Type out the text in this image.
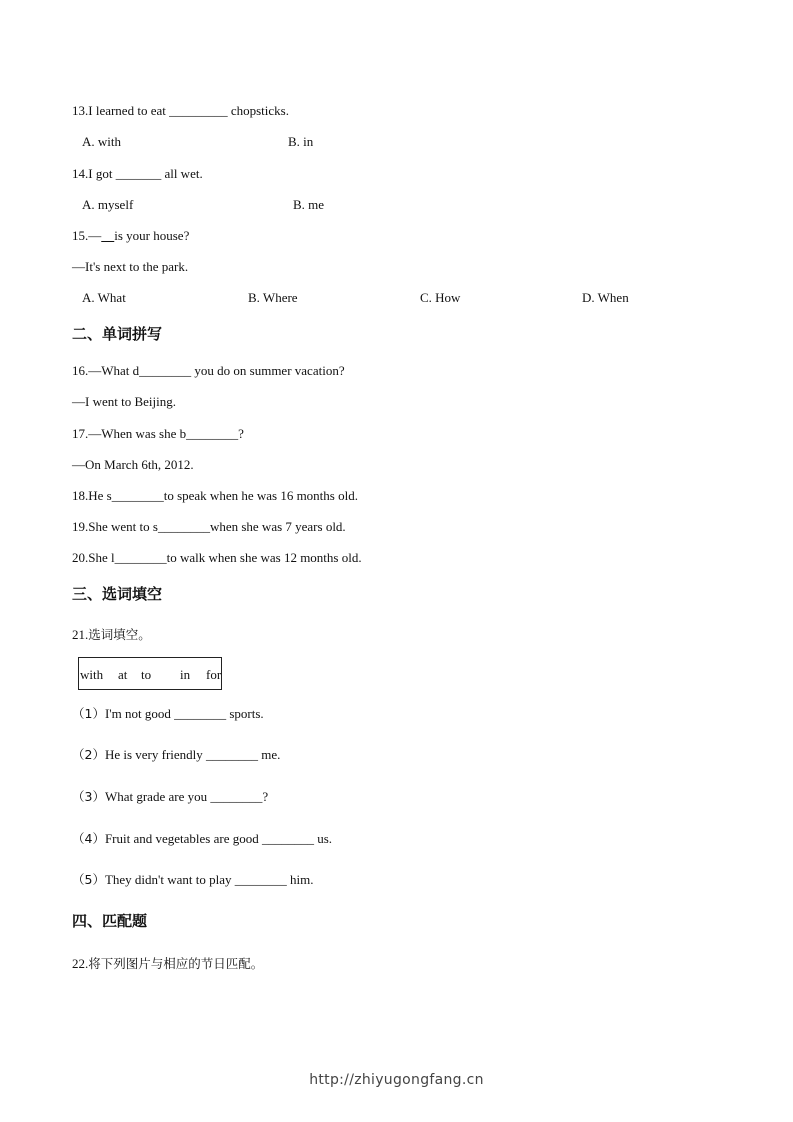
13.I learned to eat _________ chopsticks.
A. with	B. in
14.I got _______ all wet.
A. myself	B. me
15.— is your house?
—It's next to the park.
A. What	B. Where	C. How	D. When
二、单词拼写
16.—What d________ you do on summer vacation?
—I went to Beijing.
17.—When was she b________?
—On March 6th, 2012.
18.He s________to speak when he was 16 months old.
19.She went to s________when she was 7 years old.
20.She l________to walk when she was 12 months old.
三、选词填空
21.选词填空。
with at to in for
（1）I'm not good ________ sports.
（2）He is very friendly ________ me.
（3）What grade are you ________?
（4）Fruit and vegetables are good ________ us.
（5）They didn't want to play ________ him.
四、匹配题
22.将下列图片与相应的节日匹配。
http://zhiyugongfang.cn
